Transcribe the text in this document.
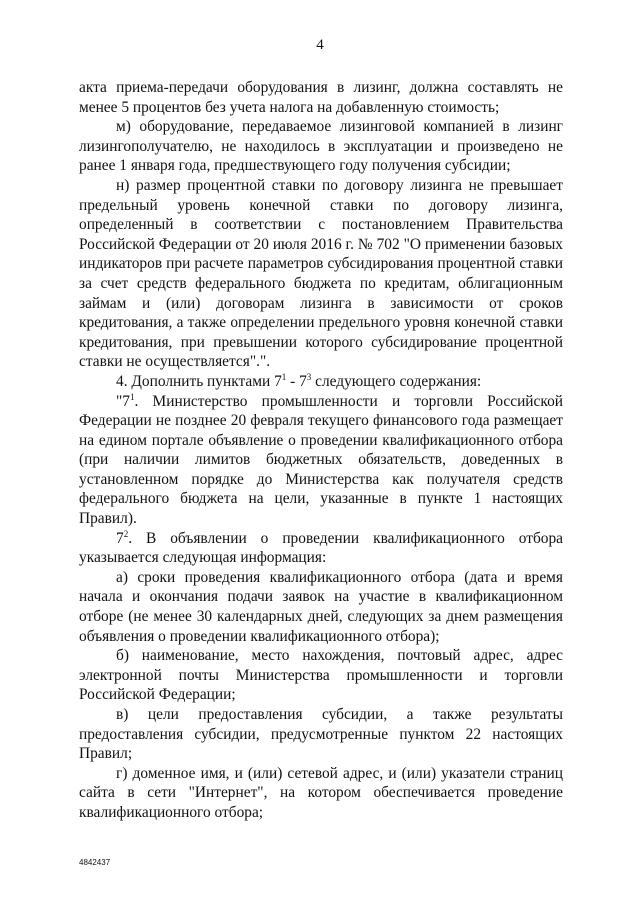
4

акта приема-передачи оборудования в лизинг, должна составлять не менее 5 процентов без учета налога на добавленную стоимость;

м) оборудование, передаваемое лизинговой компанией в лизинг лизингополучателю, не находилось в эксплуатации и произведено не ранее 1 января года, предшествующего году получения субсидии;

н) размер процентной ставки по договору лизинга не превышает предельный уровень конечной ставки по договору лизинга, определенный в соответствии с постановлением Правительства Российской Федерации от 20 июля 2016 г. № 702 "О применении базовых индикаторов при расчете параметров субсидирования процентной ставки за счет средств федерального бюджета по кредитам, облигационным займам и (или) договорам лизинга в зависимости от сроков кредитования, а также определении предельного уровня конечной ставки кредитования, при превышении которого субсидирование процентной ставки не осуществляется".".

4. Дополнить пунктами $7^1 - 7^3$ следующего содержания:

"$7^1$. Министерство промышленности и торговли Российской Федерации не позднее 20 февраля текущего финансового года размещает на едином портале объявление о проведении квалификационного отбора (при наличии лимитов бюджетных обязательств, доведенных в установленном порядке до Министерства как получателя средств федерального бюджета на цели, указанные в пункте 1 настоящих Правил).

$7^2$. В объявлении о проведении квалификационного отбора указывается следующая информация:

а) сроки проведения квалификационного отбора (дата и время начала и окончания подачи заявок на участие в квалификационном отборе (не менее 30 календарных дней, следующих за днем размещения объявления о проведении квалификационного отбора);

б) наименование, место нахождения, почтовый адрес, адрес электронной почты Министерства промышленности и торговли Российской Федерации;

в) цели предоставления субсидии, а также результаты предоставления субсидии, предусмотренные пунктом 22 настоящих Правил;

г) доменное имя, и (или) сетевой адрес, и (или) указатели страниц сайта в сети "Интернет", на котором обеспечивается проведение квалификационного отбора;

4842437
